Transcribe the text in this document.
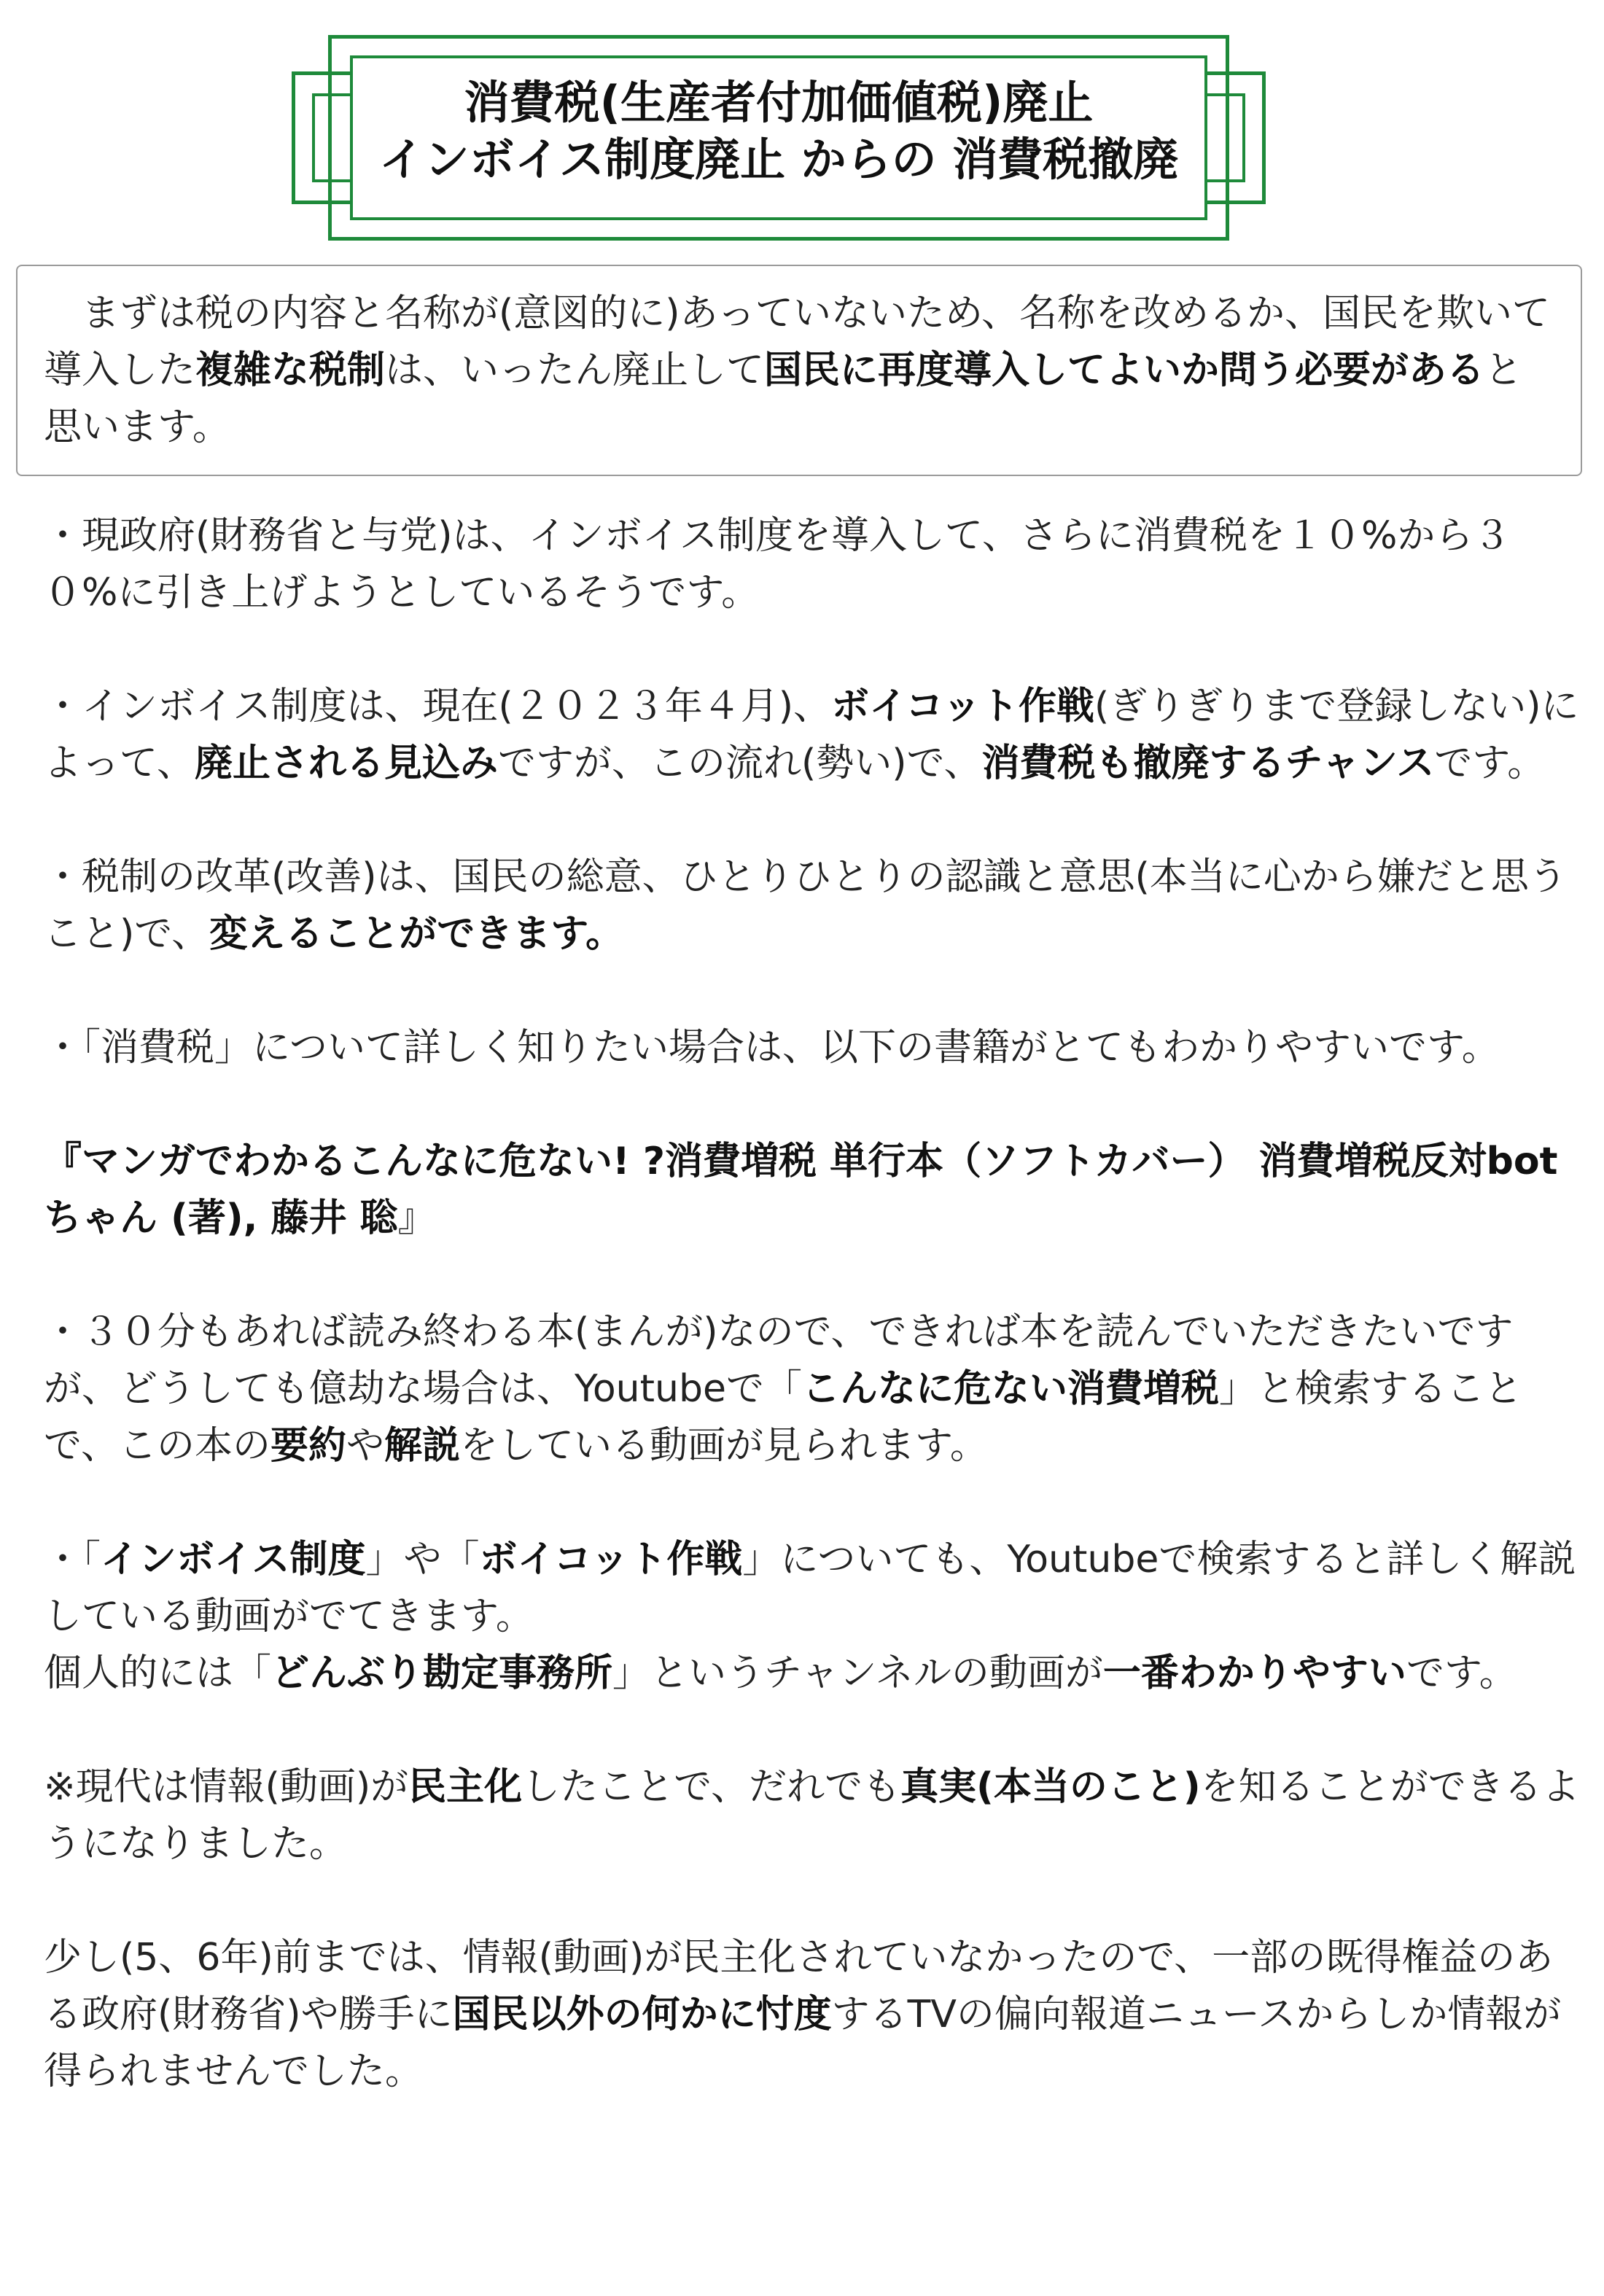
消費税(生産者付加価値税)廃止
インボイス制度廃止 からの 消費税撤廃

まずは税の内容と名称が(意図的に)あっていないため、名称を改めるか、国民を欺いて導入した複雑な税制は、いったん廃止して国民に再度導入してよいか問う必要があると思います。

・現政府(財務省と与党)は、インボイス制度を導入して、さらに消費税を１０%から３０%に引き上げようとしているそうです。

・インボイス制度は、現在(２０２３年４月)、ボイコット作戦(ぎりぎりまで登録しない)によって、廃止される見込みですが、この流れ(勢い)で、消費税も撤廃するチャンスです。

・税制の改革(改善)は、国民の総意、ひとりひとりの認識と意思(本当に心から嫌だと思うこと)で、変えることができます。

・「消費税」について詳しく知りたい場合は、以下の書籍がとてもわかりやすいです。

『マンガでわかるこんなに危ない! ?消費増税 単行本（ソフトカバー） 消費増税反対botちゃん (著), 藤井 聡』

・３０分もあれば読み終わる本(まんが)なので、できれば本を読んでいただきたいですが、どうしても億劫な場合は、Youtubeで「こんなに危ない消費増税」と検索することで、この本の要約や解説をしている動画が見られます。

・「インボイス制度」や「ボイコット作戦」についても、Youtubeで検索すると詳しく解説している動画がでてきます。

個人的には「どんぶり勘定事務所」というチャンネルの動画が一番わかりやすいです。

※現代は情報(動画)が民主化したことで、だれでも真実(本当のこと)を知ることができるようになりました。

少し(5、6年)前までは、情報(動画)が民主化されていなかったので、一部の既得権益のある政府(財務省)や勝手に国民以外の何かに忖度するTVの偏向報道ニュースからしか情報が得られませんでした。
